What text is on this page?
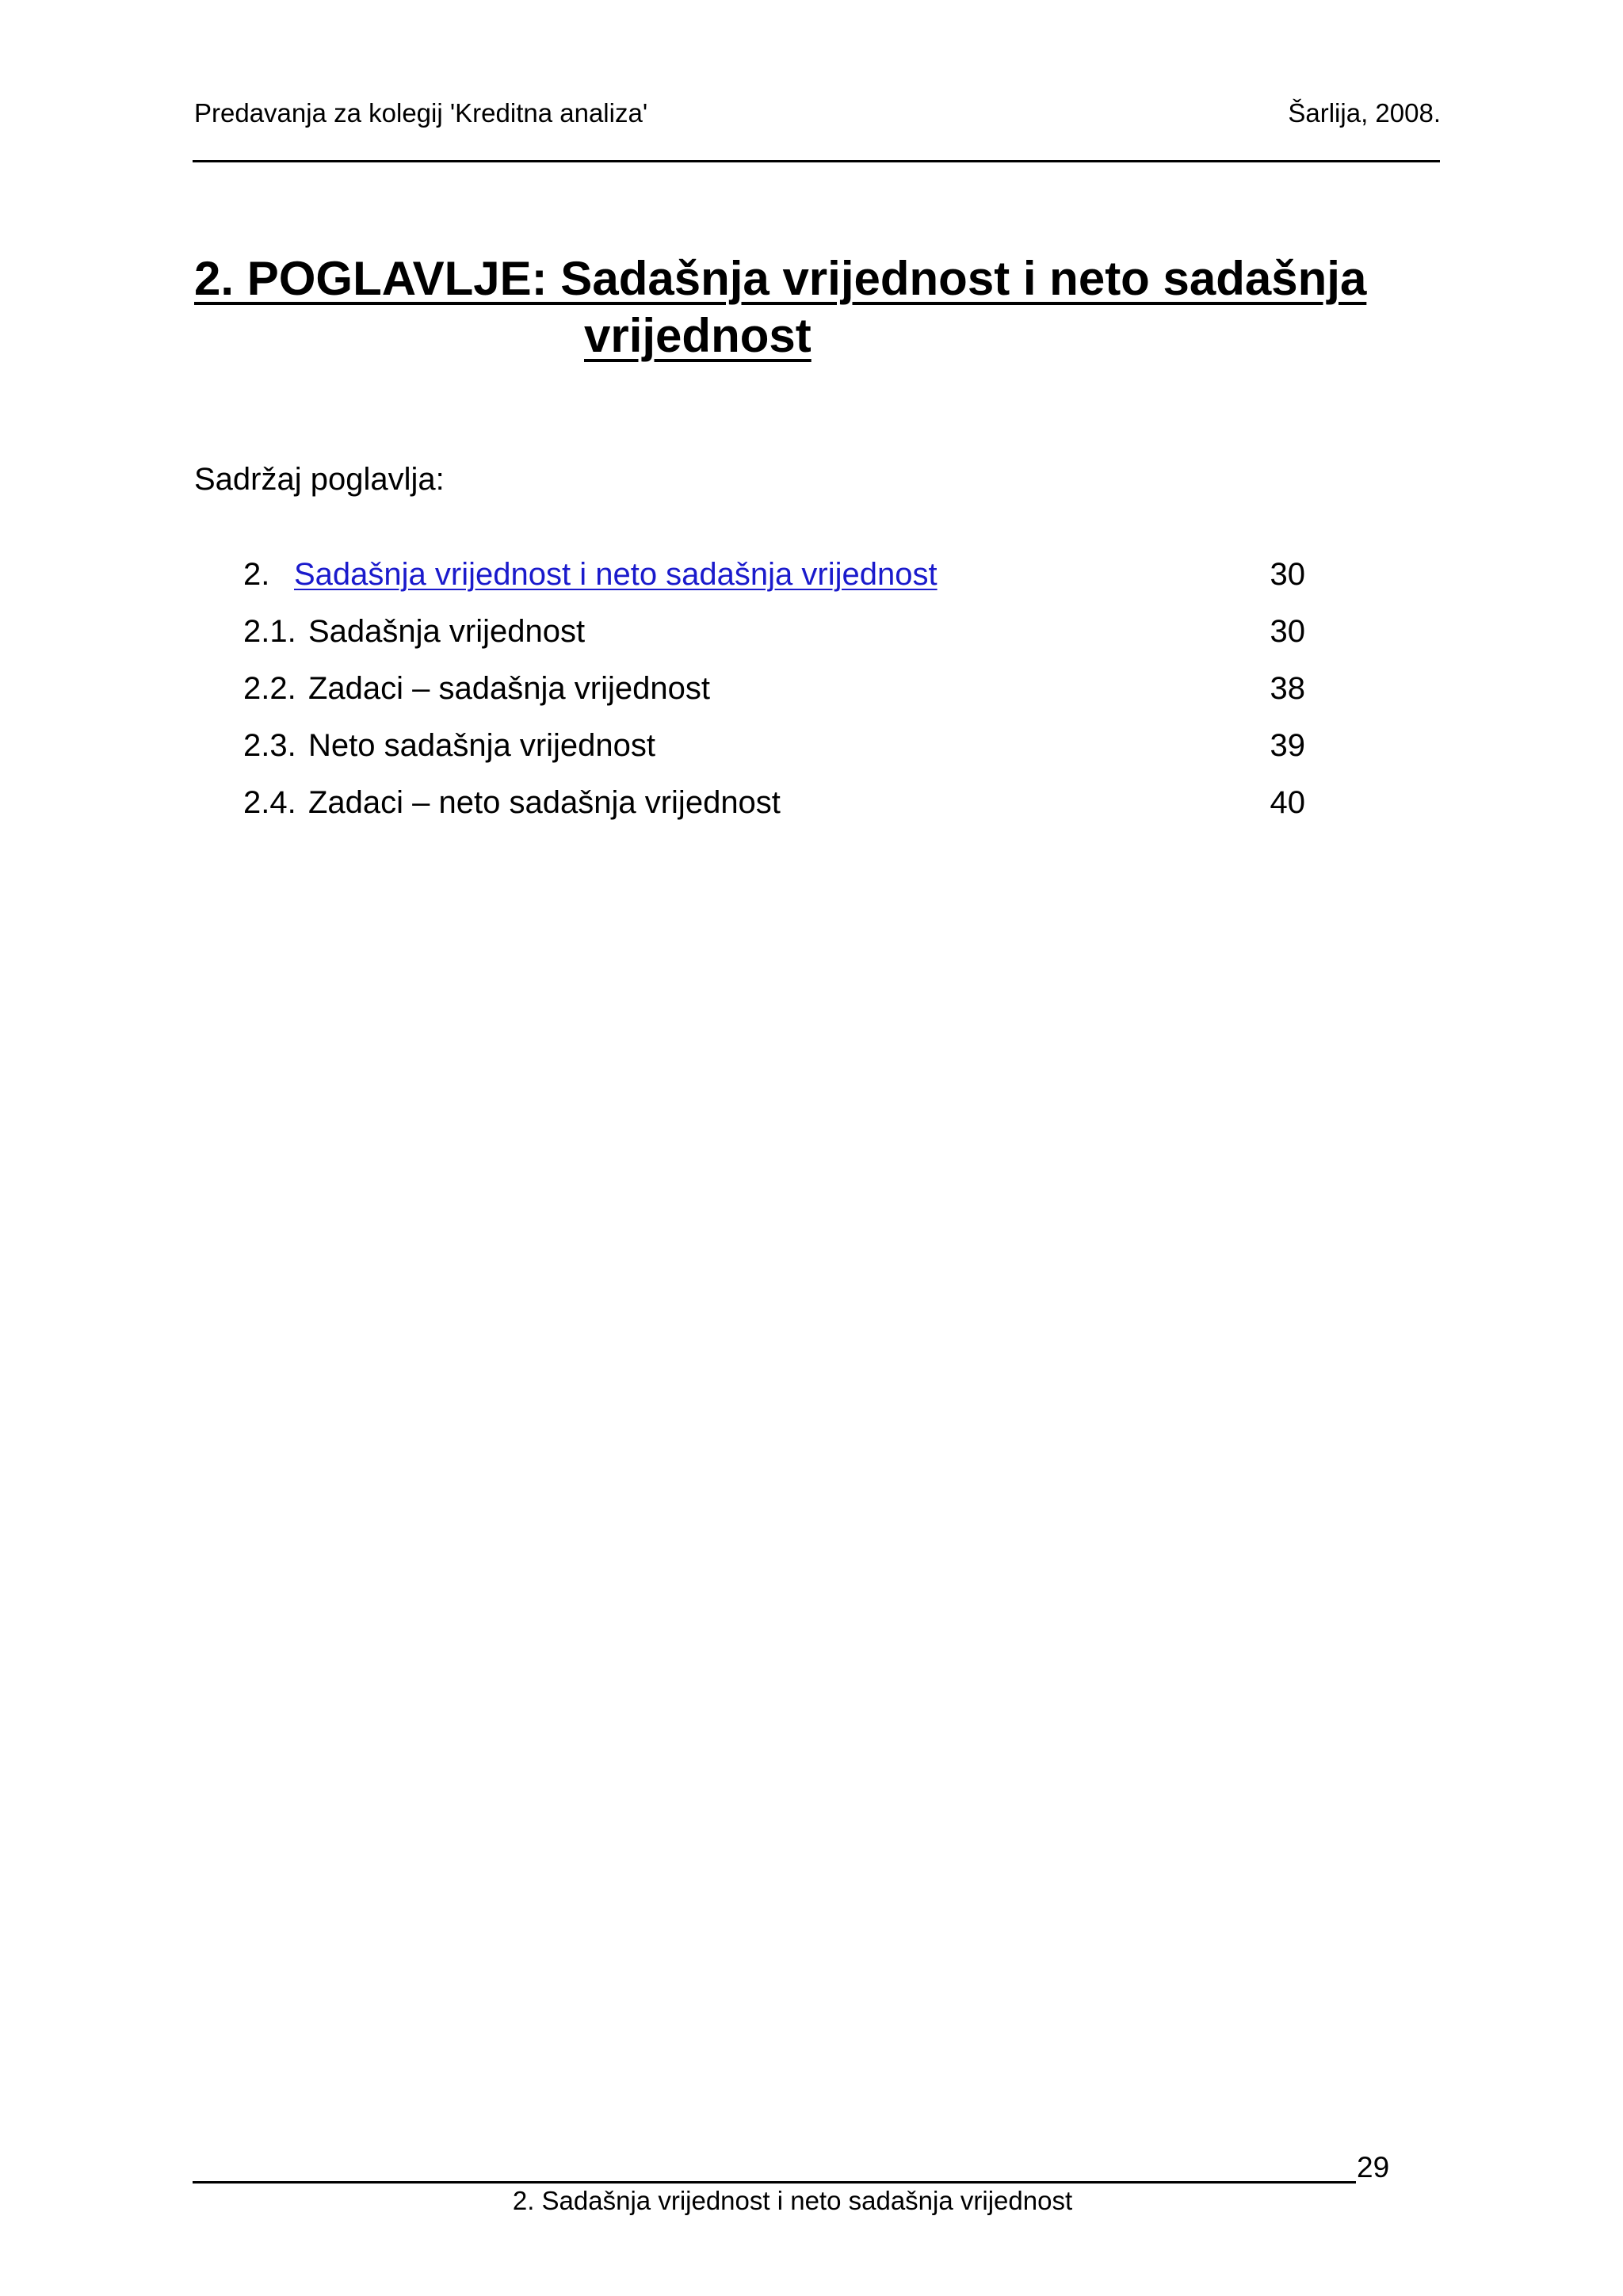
Predavanja za kolegij 'Kreditna analiza'	Šarlija, 2008.
2. POGLAVLJE: Sadašnja vrijednost i neto sadašnja
vrijednost
Sadržaj poglavlja:
2. Sadašnja vrijednost i neto sadašnja vrijednost	30
2.1. Sadašnja vrijednost	30
2.2. Zadaci – sadašnja vrijednost	38
2.3. Neto sadašnja vrijednost	39
2.4. Zadaci – neto sadašnja vrijednost	40
29
2. Sadašnja vrijednost i neto sadašnja vrijednost
